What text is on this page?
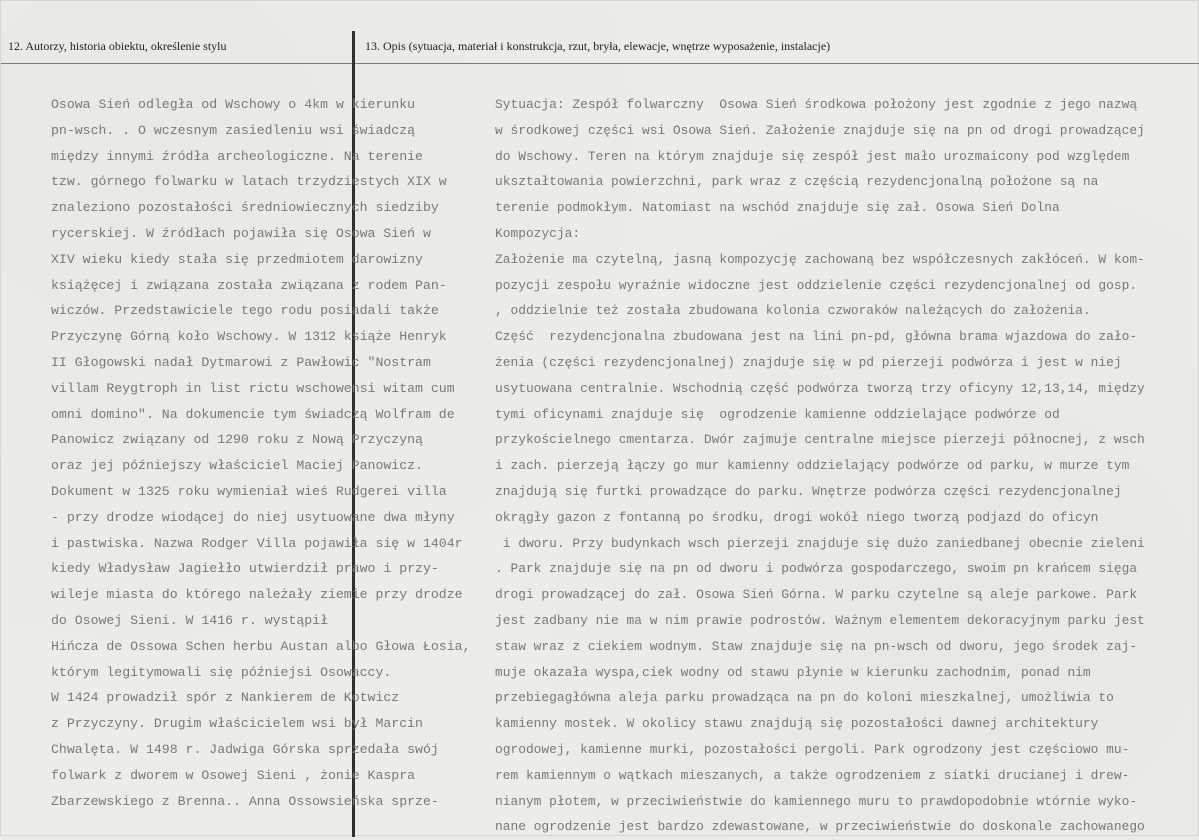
12. Autorzy, historia obiektu, określenie stylu	13. Opis (sytuacja, materiał i konstrukcja, rzut, bryła, elewacje, wnętrze wyposażenie, instalacje)
Osowa Sień odległa od Wschowy o 4km w kierunku
pn-wsch. . O wczesnym zasiedleniu wsi świadczą
między innymi źródła archeologiczne. Na terenie
tzw. górnego folwarku w latach trzydziestych XIX w
znaleziono pozostałości średniowiecznych siedziby
rycerskiej. W źródłach pojawiła się Osowa Sień w
XIV wieku kiedy stała się przedmiotem darowizny
książęcej i związana została związana z rodem Pan-
wiczów. Przedstawiciele tego rodu posiadali także
Przyczynę Górną koło Wschowy. W 1312 książe Henryk
II Głogowski nadał Dytmarowi z Pawłowic "Nostram
villam Reygtroph in list rictu wschowensi witam cum
omni domino". Na dokumencie tym świadczą Wolfram de
Panowicz związany od 1290 roku z Nową Przyczyną
oraz jej późniejszy właściciel Maciej Panowicz.
Dokument w 1325 roku wymieniał wieś Rudgerei villa
- przy drodze wiodącej do niej usytuowane dwa młyny
i pastwiska. Nazwa Rodger Villa pojawiła się w 1404r
kiedy Władysław Jagiełło utwierdził prawo i przy-
wileje miasta do którego należały ziemie przy drodze
do Osowej Sieni. W 1416 r. wystąpił
Hińcza de Ossowa Schen herbu Austan albo Głowa Łosia,
którym legitymowali się późniejsi Osowaccy.
W 1424 prowadził spór z Nankierem de Kotwicz
z Przyczyny. Drugim właścicielem wsi był Marcin
Chwalęta. W 1498 r. Jadwiga Górska sprzedała swój
folwark z dworem w Osowej Sieni , żonie Kaspra
Zbarzewskiego z Brenna.. Anna Ossowsieńska sprze-
Sytuacja: Zespół folwarczny  Osowa Sień środkowa położony jest zgodnie z jego nazwą
w środkowej części wsi Osowa Sień. Założenie znajduje się na pn od drogi prowadzącej
do Wschowy. Teren na którym znajduje się zespół jest mało urozmaicony pod względem
ukształtowania powierzchni, park wraz z częścią rezydencjonalną położone są na
terenie podmokłym. Natomiast na wschód znajduje się zał. Osowa Sień Dolna
Kompozycja:
Założenie ma czytelną, jasną kompozycję zachowaną bez współczesnych zakłóceń. W kom-
pozycji zespołu wyraźnie widoczne jest oddzielenie części rezydencjonalnej od gosp.
, oddzielnie też została zbudowana kolonia czworaków należących do założenia.
Część  rezydencjonalna zbudowana jest na lini pn-pd, główna brama wjazdowa do zało-
żenia (części rezydencjonalnej) znajduje się w pd pierzeji podwórza i jest w niej
usytuowana centralnie. Wschodnią część podwórza tworzą trzy oficyny 12,13,14, między
tymi oficynami znajduje się  ogrodzenie kamienne oddzielające podwórze od
przykościelnego cmentarza. Dwór zajmuje centralne miejsce pierzeji północnej, z wsch
i zach. pierzeją łączy go mur kamienny oddzielający podwórze od parku, w murze tym
znajdują się furtki prowadzące do parku. Wnętrze podwórza części rezydencjonalnej
okrągły gazon z fontanną po środku, drogi wokół niego tworzą podjazd do oficyn
i dworu. Przy budynkach wsch pierzeji znajduje się dużo zaniedbanej obecnie zieleni
. Park znajduje się na pn od dworu i podwórza gospodarczego, swoim pn krańcem sięga
drogi prowadzącej do zał. Osowa Sień Górna. W parku czytelne są aleje parkowe. Park
jest zadbany nie ma w nim prawie podrostów. Ważnym elementem dekoracyjnym parku jest
staw wraz z ciekiem wodnym. Staw znajduje się na pn-wsch od dworu, jego środek zaj-
muje okazała wyspa,ciek wodny od stawu płynie w kierunku zachodnim, ponad nim
przebiegagłówna aleja parku prowadząca na pn do koloni mieszkalnej, umożliwia to
kamienny mostek. W okolicy stawu znajdują się pozostałości dawnej architektury
ogrodowej, kamienne murki, pozostałości pergoli. Park ogrodzony jest częściowo mu-
rem kamiennym o wątkach mieszanych, a także ogrodzeniem z siatki drucianej i drew-
nianym płotem, w przeciwieństwie do kamiennego muru to prawdopodobnie wtórnie wyko-
nane ogrodzenie jest bardzo zdewastowane, w przeciwieństwie do doskonale zachowanego
